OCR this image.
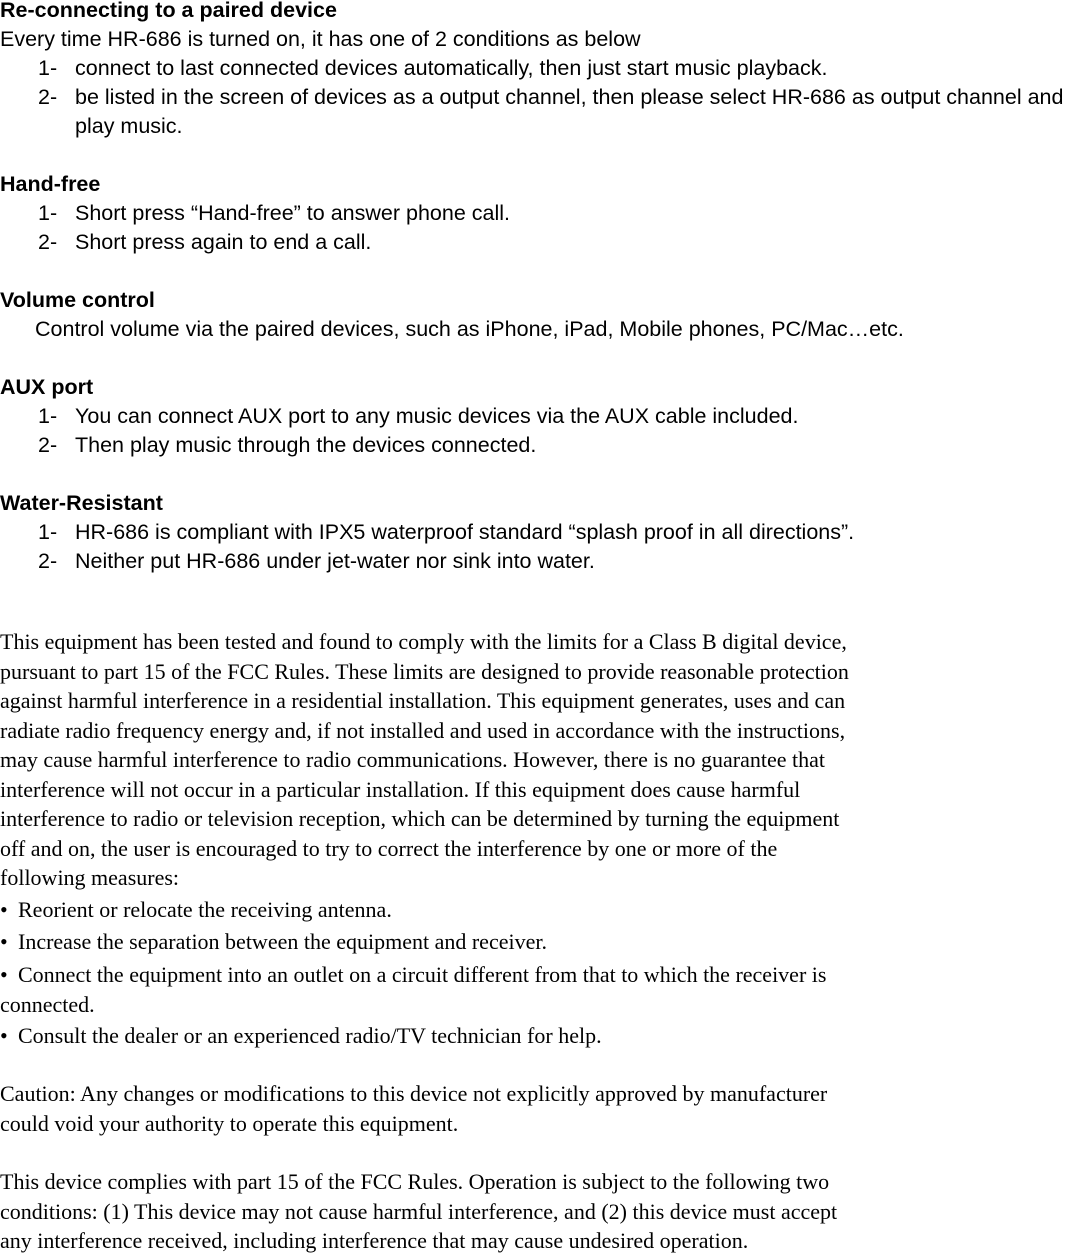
Re-connecting to a paired device

Every time HR-686 is turned on, it has one of 2 conditions as below

1- connect to last connected devices automatically, then just start music playback.
2- be listed in the screen of devices as a output channel, then please select HR-686 as output channel and play music.

Hand-free

1- Short press “Hand-free” to answer phone call.
2- Short press again to end a call.

Volume control

Control volume via the paired devices, such as iPhone, iPad, Mobile phones, PC/Mac…etc.

AUX port

1- You can connect AUX port to any music devices via the AUX cable included.
2- Then play music through the devices connected.

Water-Resistant

1- HR-686 is compliant with IPX5 waterproof standard “splash proof in all directions”.
2- Neither put HR-686 under jet-water nor sink into water.

This equipment has been tested and found to comply with the limits for a Class B digital device,

pursuant to part 15 of the FCC Rules. These limits are designed to provide reasonable protection

against harmful interference in a residential installation. This equipment generates, uses and can

radiate radio frequency energy and, if not installed and used in accordance with the instructions,

may cause harmful interference to radio communications. However, there is no guarantee that

interference will not occur in a particular installation. If this equipment does cause harmful

interference to radio or television reception, which can be determined by turning the equipment

off and on, the user is encouraged to try to correct the interference by one or more of the

following measures:

• Reorient or relocate the receiving antenna.
• Increase the separation between the equipment and receiver.
• Connect the equipment into an outlet on a circuit different from that to which the receiver is

connected.

• Consult the dealer or an experienced radio/TV technician for help.

Caution: Any changes or modifications to this device not explicitly approved by manufacturer

could void your authority to operate this equipment.

This device complies with part 15 of the FCC Rules. Operation is subject to the following two

conditions: (1) This device may not cause harmful interference, and (2) this device must accept

any interference received, including interference that may cause undesired operation.
